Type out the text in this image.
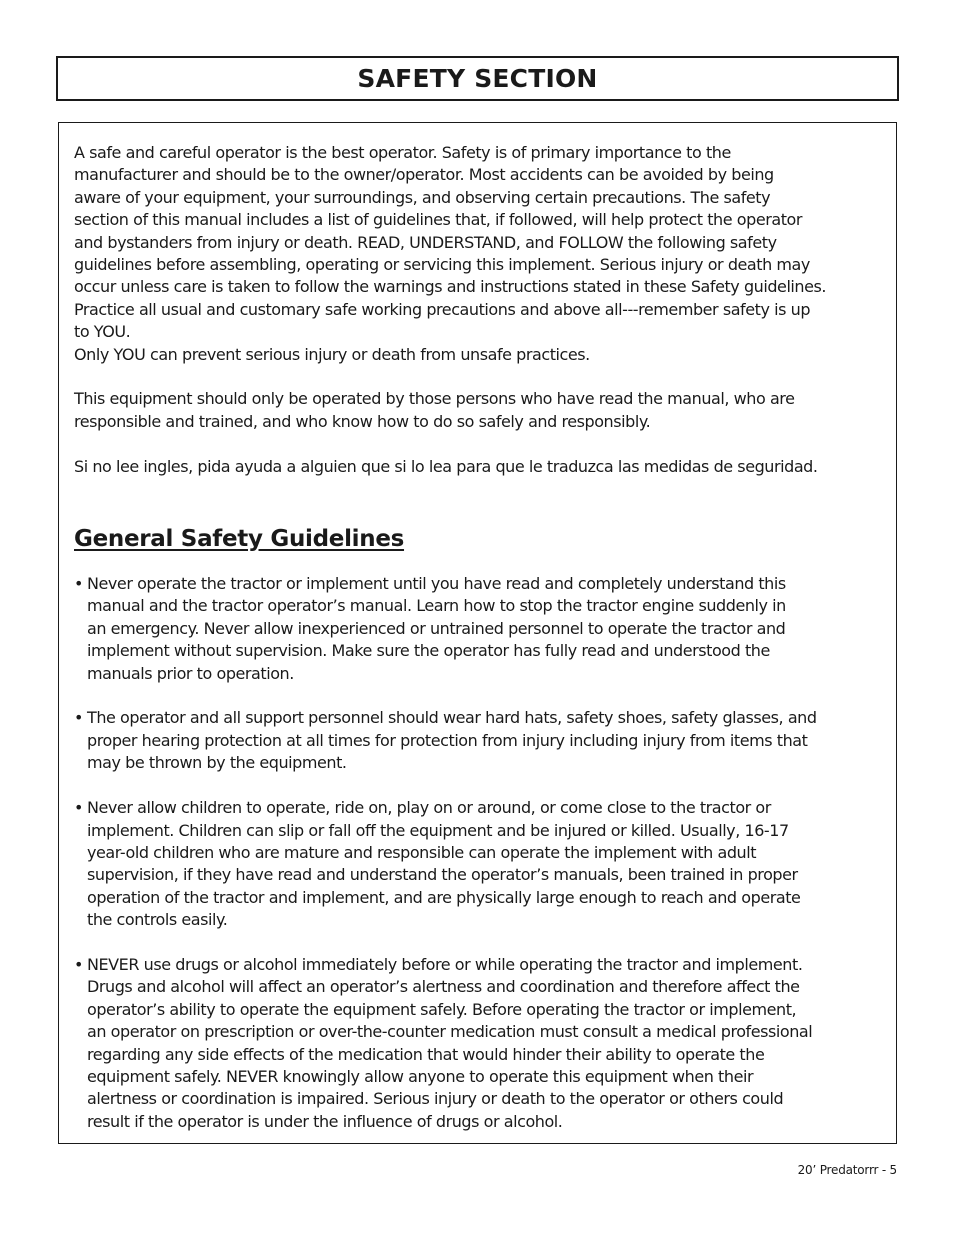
SAFETY SECTION

A safe and careful operator is the best operator. Safety is of primary importance to the
manufacturer and should be to the owner/operator. Most accidents can be avoided by being
aware of your equipment, your surroundings, and observing certain precautions. The safety
section of this manual includes a list of guidelines that, if followed, will help protect the operator
and bystanders from injury or death. READ, UNDERSTAND, and FOLLOW the following safety
guidelines before assembling, operating or servicing this implement. Serious injury or death may
occur unless care is taken to follow the warnings and instructions stated in these Safety guidelines.
Practice all usual and customary safe working precautions and above all---remember safety is up
to YOU.
Only YOU can prevent serious injury or death from unsafe practices.

This equipment should only be operated by those persons who have read the manual, who are
responsible and trained, and who know how to do so safely and responsibly.

Si no lee ingles, pida ayuda a alguien que si lo lea para que le traduzca las medidas de seguridad.

General Safety Guidelines
• Never operate the tractor or implement until you have read and completely understand this
manual and the tractor operator’s manual. Learn how to stop the tractor engine suddenly in
an emergency. Never allow inexperienced or untrained personnel to operate the tractor and
implement without supervision. Make sure the operator has fully read and understood the
manuals prior to operation.
• The operator and all support personnel should wear hard hats, safety shoes, safety glasses, and
proper hearing protection at all times for protection from injury including injury from items that
may be thrown by the equipment.
• Never allow children to operate, ride on, play on or around, or come close to the tractor or
implement. Children can slip or fall off the equipment and be injured or killed. Usually, 16-17
year-old children who are mature and responsible can operate the implement with adult
supervision, if they have read and understand the operator’s manuals, been trained in proper
operation of the tractor and implement, and are physically large enough to reach and operate
the controls easily.
• NEVER use drugs or alcohol immediately before or while operating the tractor and implement.
Drugs and alcohol will affect an operator’s alertness and coordination and therefore affect the
operator’s ability to operate the equipment safely. Before operating the tractor or implement,
an operator on prescription or over-the-counter medication must consult a medical professional
regarding any side effects of the medication that would hinder their ability to operate the
equipment safely. NEVER knowingly allow anyone to operate this equipment when their
alertness or coordination is impaired. Serious injury or death to the operator or others could
result if the operator is under the influence of drugs or alcohol.
20’ Predatorrr - 5
